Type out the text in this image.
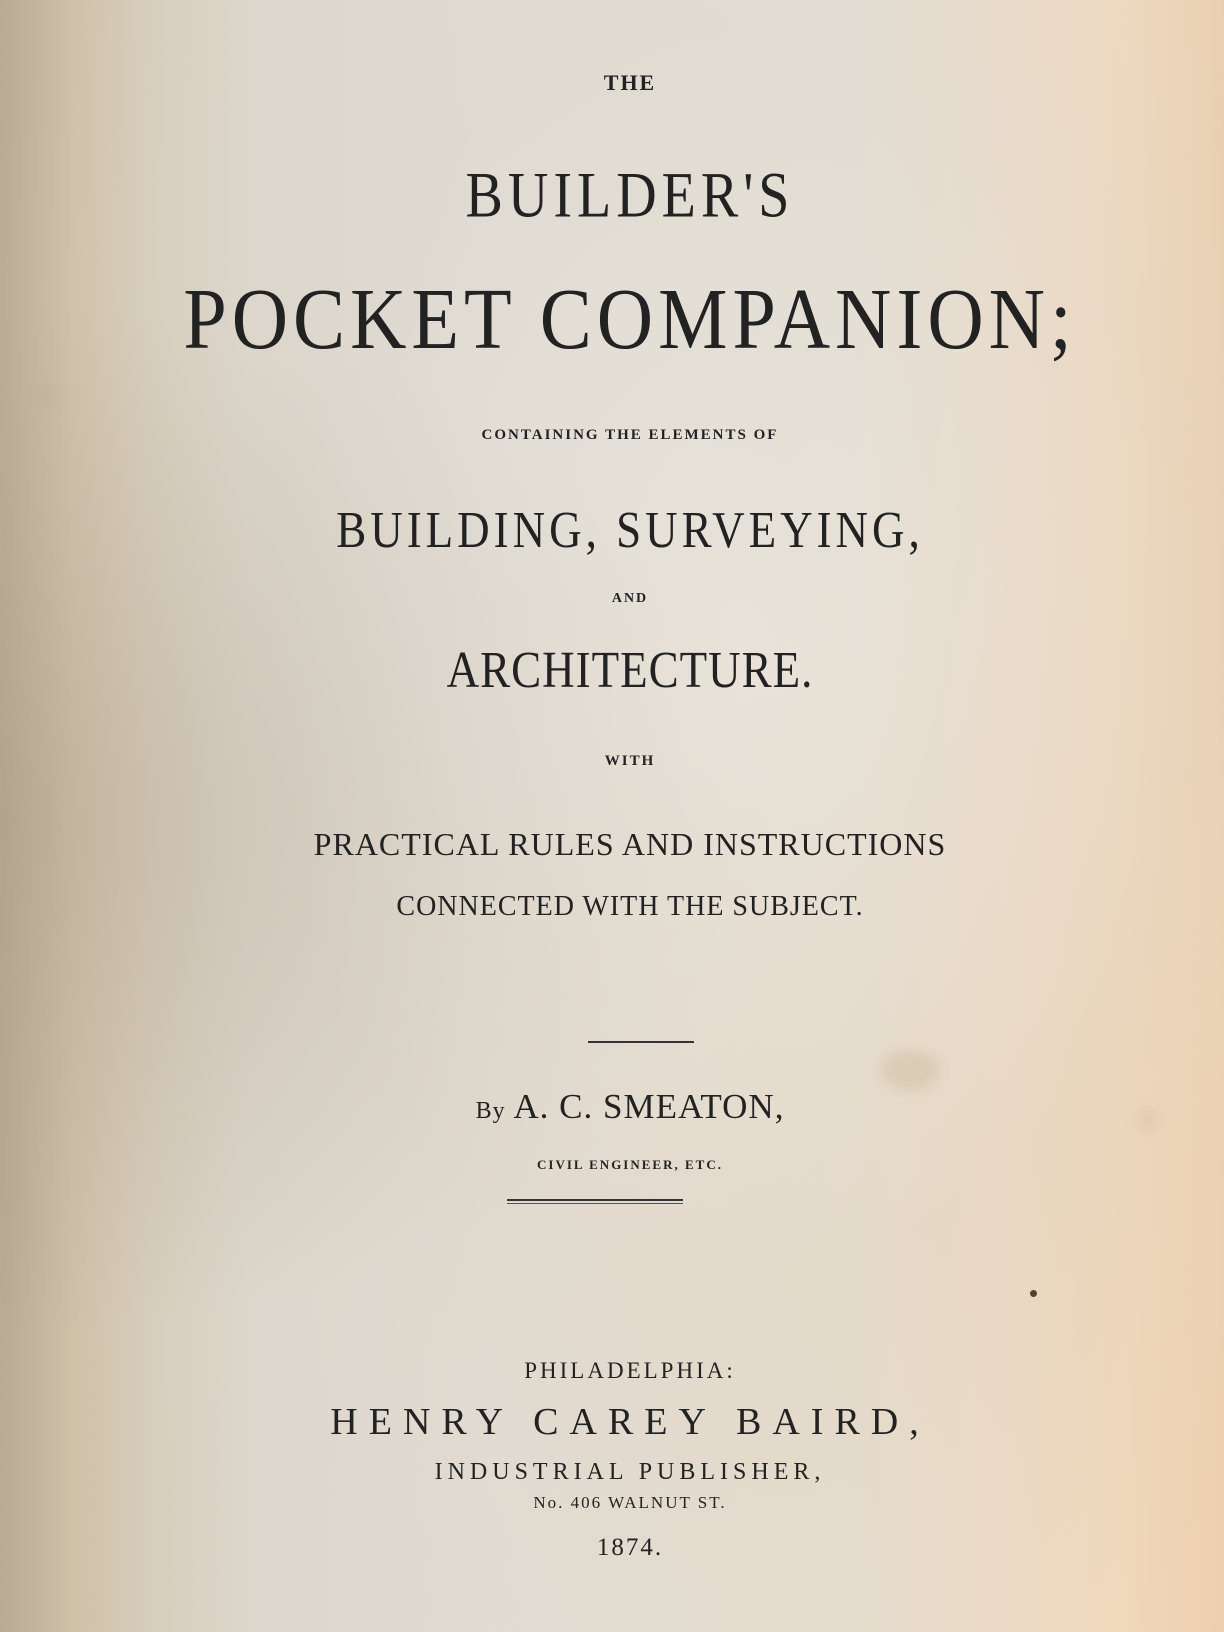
THE
BUILDER'S
POCKET COMPANION;
CONTAINING THE ELEMENTS OF
BUILDING, SURVEYING,
AND
ARCHITECTURE.
WITH
PRACTICAL RULES AND INSTRUCTIONS
CONNECTED WITH THE SUBJECT.
By A. C. SMEATON,
CIVIL ENGINEER, ETC.
PHILADELPHIA:
HENRY CAREY BAIRD,
INDUSTRIAL PUBLISHER,
No. 406 WALNUT ST.
1874.
